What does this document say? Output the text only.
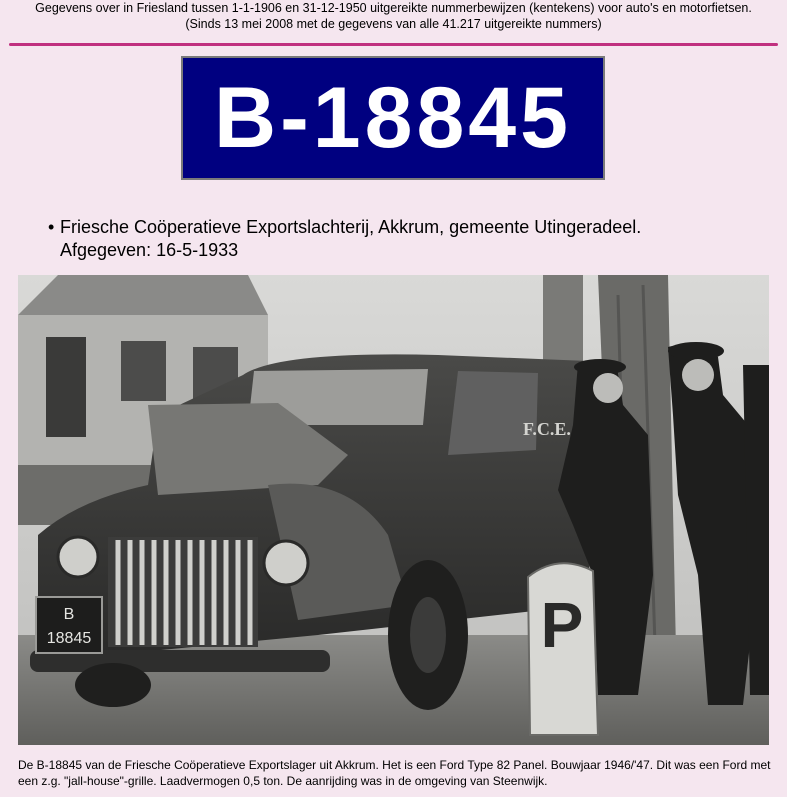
Gegevens over in Friesland tussen 1-1-1906 en 31-12-1950 uitgereikte nummerbewijzen (kentekens) voor auto's en motorfietsen.
(Sinds 13 mei 2008 met de gegevens van alle 41.217 uitgereikte nummers)
B-18845
• Friesche Coöperatieve Exportslachterij, Akkrum, gemeente Utingeradeel.
Afgegeven: 16-5-1933
F.C.E.
B
18845	P
De B-18845 van de Friesche Coöperatieve Exportslager uit Akkrum. Het is een Ford Type 82 Panel. Bouwjaar 1946/'47. Dit was een Ford met een z.g. "jall-house"-grille. Laadvermogen 0,5 ton. De aanrijding was in de omgeving van Steenwijk.
